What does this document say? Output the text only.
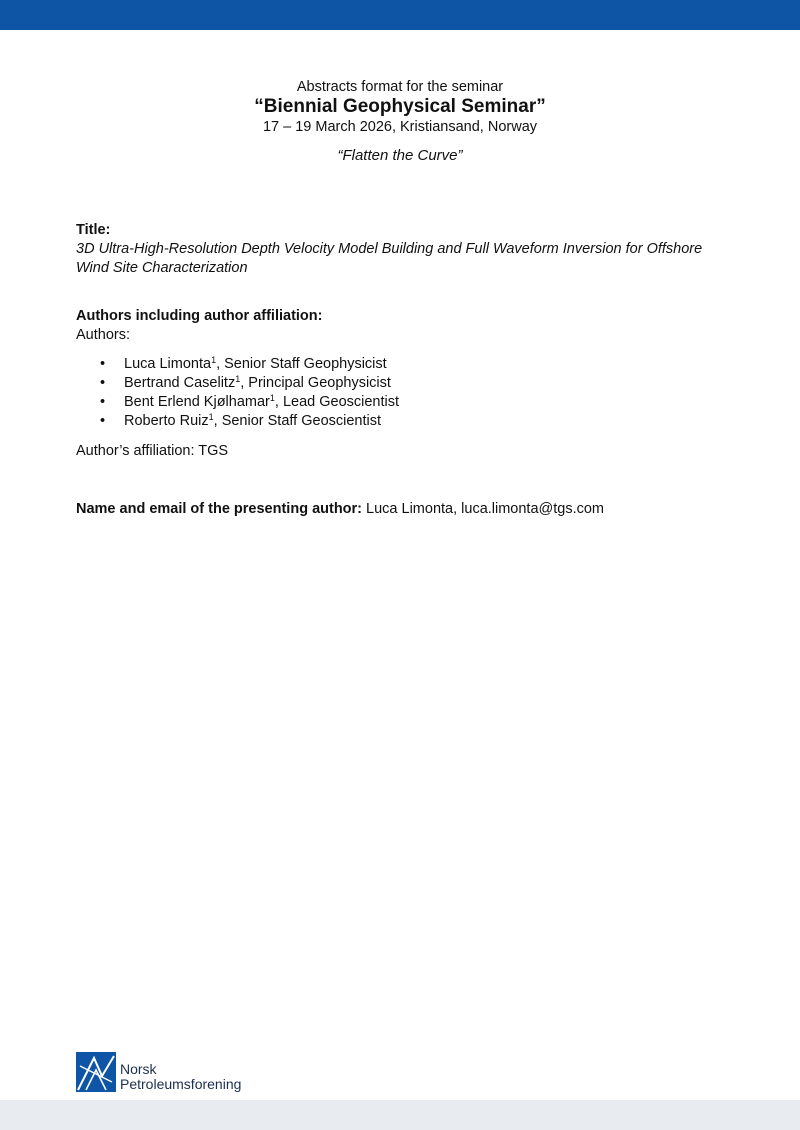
Abstracts format for the seminar
“Biennial Geophysical Seminar”
17 – 19 March 2026, Kristiansand, Norway
“Flatten the Curve”
Title:
3D Ultra-High-Resolution Depth Velocity Model Building and Full Waveform Inversion for Offshore Wind Site Characterization
Authors including author affiliation:
Authors:
• Luca Limonta$^1$, Senior Staff Geophysicist
• Bertrand Caselitz$^1$, Principal Geophysicist
• Bent Erlend Kjølhamar$^1$, Lead Geoscientist
• Roberto Ruiz$^1$, Senior Staff Geoscientist
Author’s affiliation: TGS
Name and email of the presenting author: Luca Limonta, luca.limonta@tgs.com
Norsk
Petroleumsforening
